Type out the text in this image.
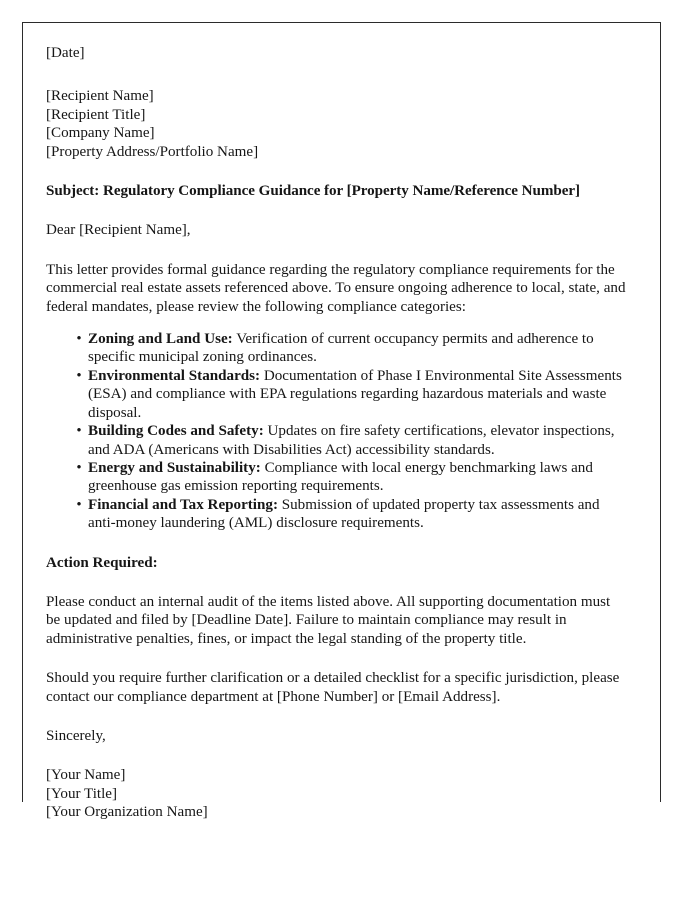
[Date]
[Recipient Name]
[Recipient Title]
[Company Name]
[Property Address/Portfolio Name]

Subject: Regulatory Compliance Guidance for [Property Name/Reference Number]

Dear [Recipient Name],

This letter provides formal guidance regarding the regulatory compliance requirements for the commercial real estate assets referenced above. To ensure ongoing adherence to local, state, and federal mandates, please review the following compliance categories:

• Zoning and Land Use: Verification of current occupancy permits and adherence to specific municipal zoning ordinances.
• Environmental Standards: Documentation of Phase I Environmental Site Assessments (ESA) and compliance with EPA regulations regarding hazardous materials and waste disposal.
• Building Codes and Safety: Updates on fire safety certifications, elevator inspections, and ADA (Americans with Disabilities Act) accessibility standards.
• Energy and Sustainability: Compliance with local energy benchmarking laws and greenhouse gas emission reporting requirements.
• Financial and Tax Reporting: Submission of updated property tax assessments and anti-money laundering (AML) disclosure requirements.

Action Required:

Please conduct an internal audit of the items listed above. All supporting documentation must be updated and filed by [Deadline Date]. Failure to maintain compliance may result in administrative penalties, fines, or impact the legal standing of the property title.

Should you require further clarification or a detailed checklist for a specific jurisdiction, please contact our compliance department at [Phone Number] or [Email Address].

Sincerely,

[Your Name]
[Your Title]
[Your Organization Name]
